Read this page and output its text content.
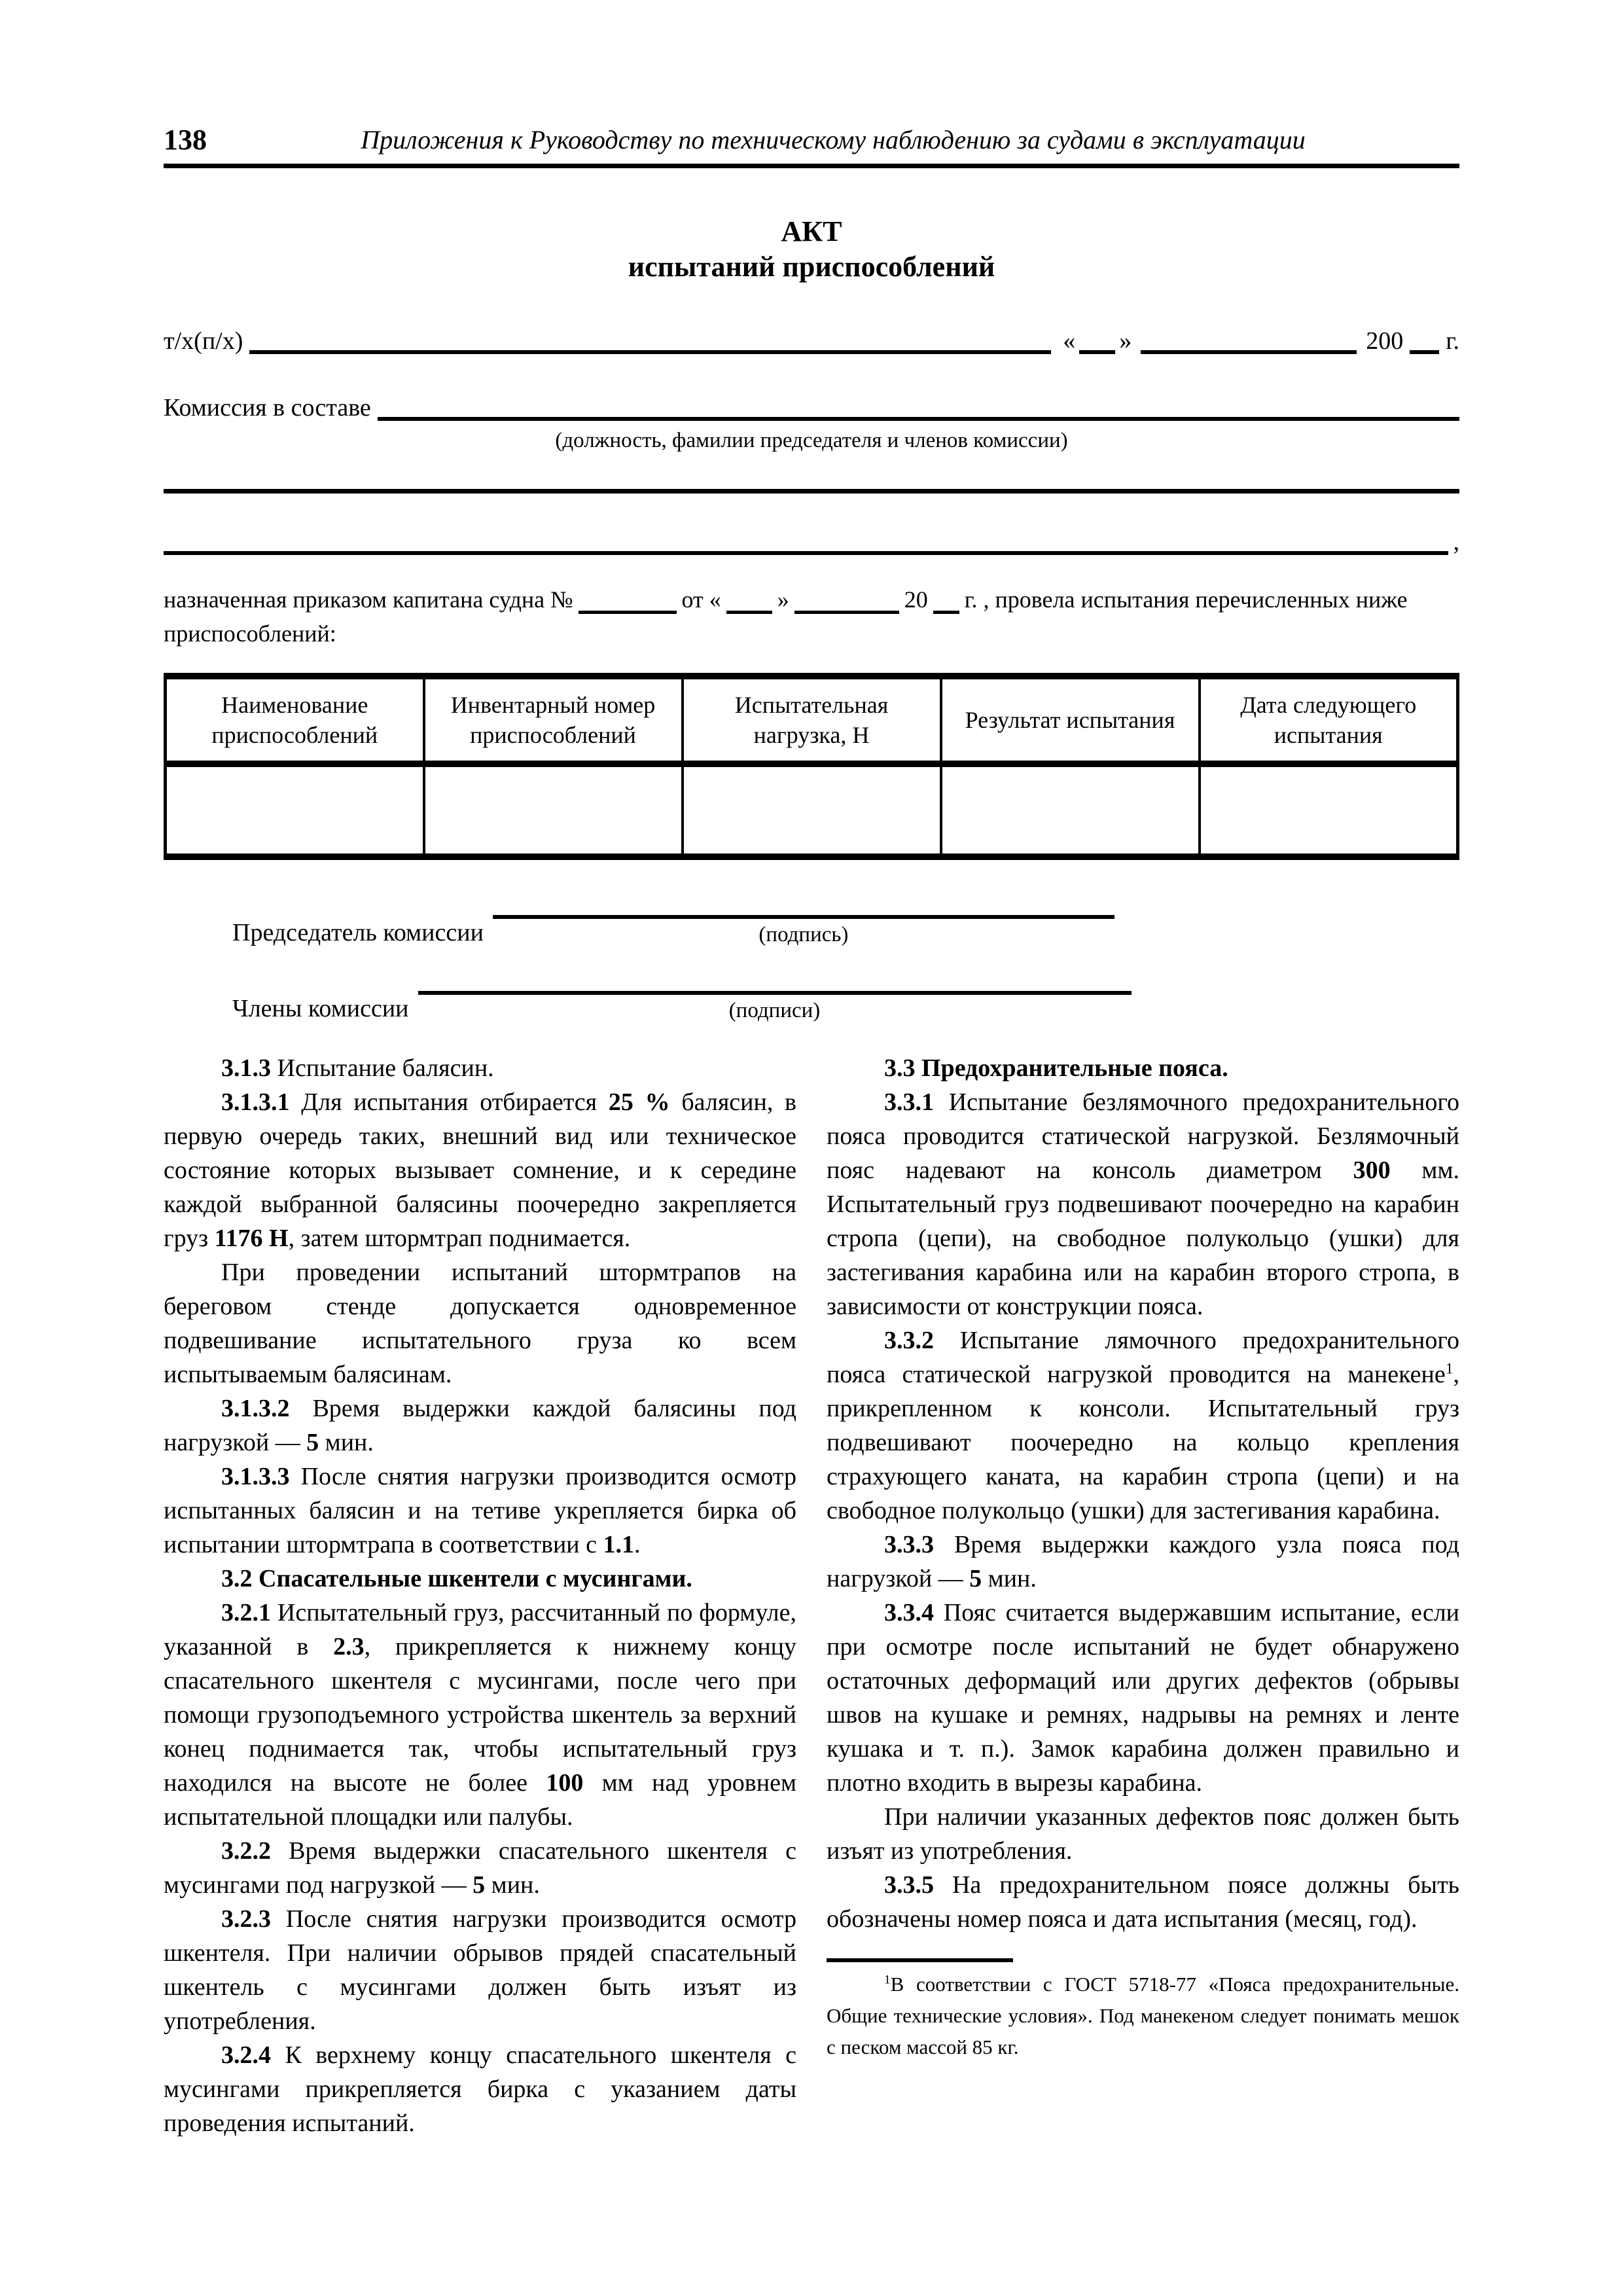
138	Приложения к Руководству по техническому наблюдению за судами в эксплуатации
АКТ
испытаний приспособлений
т/х(п/х)	« »	200 г.
Комиссия в составе
(должность, фамилии председателя и членов комиссии)
,
назначенная приказом капитана судна №	от « »	20 г. , провела испытания перечисленных ниже
приспособлений:
Наименование приспособлений	Инвентарный номер приспособлений	Испытательная нагрузка, Н	Результат испытания	Дата следующего испытания

Председатель комиссии	(подпись)
Члены комиссии	(подписи)

3.1.3 Испытание балясин.

3.1.3.1 Для испытания отбирается 25 % балясин, в первую очередь таких, внешний вид или техническое состояние которых вызывает сомнение, и к середине каждой выбранной балясины поочередно закрепляется груз 1176 Н, затем штормтрап поднимается.

При проведении испытаний штормтрапов на береговом стенде допускается одновременное подвешивание испытательного груза ко всем испытываемым балясинам.

3.1.3.2 Время выдержки каждой балясины под нагрузкой — 5 мин.

3.1.3.3 После снятия нагрузки производится осмотр испытанных балясин и на тетиве укрепляется бирка об испытании штормтрапа в соответствии с 1.1.

3.2 Спасательные шкентели с мусингами.

3.2.1 Испытательный груз, рассчитанный по формуле, указанной в 2.3, прикрепляется к нижнему концу спасательного шкентеля с мусингами, после чего при помощи грузоподъемного устройства шкентель за верхний конец поднимается так, чтобы испытательный груз находился на высоте не более 100 мм над уровнем испытательной площадки или палубы.

3.2.2 Время выдержки спасательного шкентеля с мусингами под нагрузкой — 5 мин.

3.2.3 После снятия нагрузки производится осмотр шкентеля. При наличии обрывов прядей спасательный шкентель с мусингами должен быть изъят из употребления.

3.2.4 К верхнему концу спасательного шкентеля с мусингами прикрепляется бирка с указанием даты проведения испытаний.

3.3 Предохранительные пояса.

3.3.1 Испытание безлямочного предохранительного пояса проводится статической нагрузкой. Безлямочный пояс надевают на консоль диаметром 300 мм. Испытательный груз подвешивают поочередно на карабин стропа (цепи), на свободное полукольцо (ушки) для застегивания карабина или на карабин второго стропа, в зависимости от конструкции пояса.

3.3.2 Испытание лямочного предохранительного пояса статической нагрузкой проводится на манекене$^1$, прикрепленном к консоли. Испытательный груз подвешивают поочередно на кольцо крепления страхующего каната, на карабин стропа (цепи) и на свободное полукольцо (ушки) для застегивания карабина.

3.3.3 Время выдержки каждого узла пояса под нагрузкой — 5 мин.

3.3.4 Пояс считается выдержавшим испытание, если при осмотре после испытаний не будет обнаружено остаточных деформаций или других дефектов (обрывы швов на кушаке и ремнях, надрывы на ремнях и ленте кушака и т. п.). Замок карабина должен правильно и плотно входить в вырезы карабина.

При наличии указанных дефектов пояс должен быть изъят из употребления.

3.3.5 На предохранительном поясе должны быть обозначены номер пояса и дата испытания (месяц, год).

$^1$В соответствии с ГОСТ 5718-77 «Пояса предохранительные. Общие технические условия». Под манекеном следует понимать мешок с песком массой 85 кг.
